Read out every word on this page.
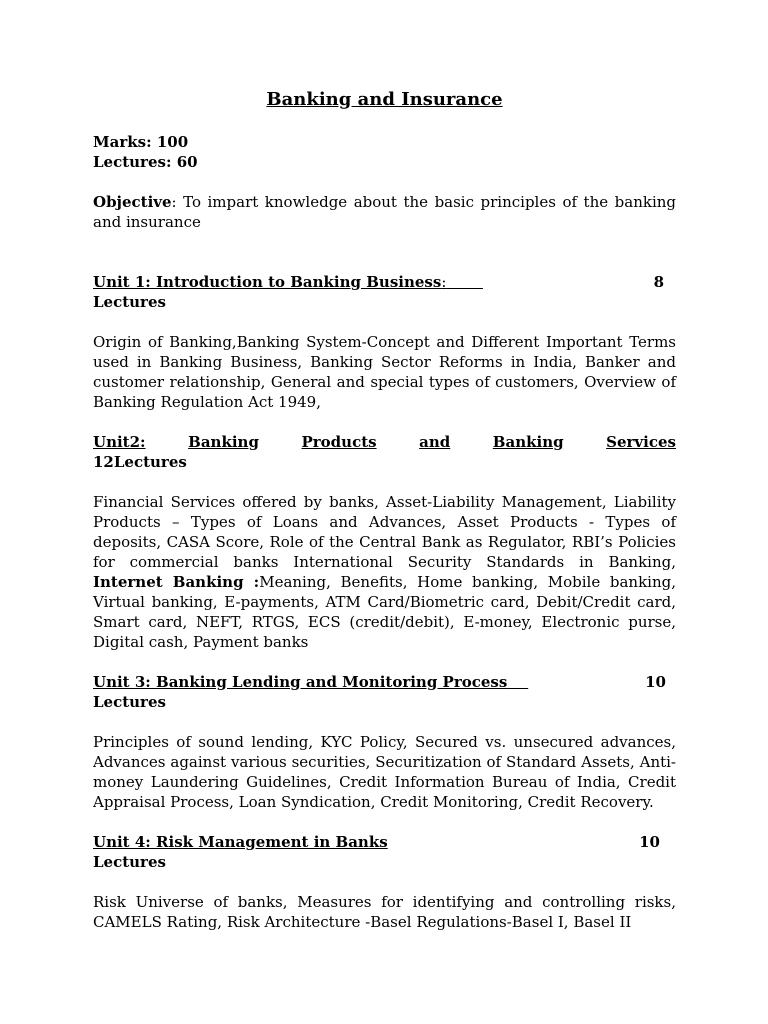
Banking and Insurance
Marks: 100
Lectures: 60
Objective: To impart knowledge about the basic principles of the banking and insurance
Unit 1: Introduction to Banking Business:	8
Lectures
Origin of Banking,Banking System-Concept and Different Important Terms used in Banking Business, Banking Sector Reforms in India, Banker and customer relationship, General and special types of customers, Overview of Banking Regulation Act 1949,
Unit2:	Banking	Products	and	Banking	Services
12Lectures
Financial Services offered by banks, Asset-Liability Management, Liability Products – Types of Loans and Advances, Asset Products - Types of deposits, CASA Score, Role of the Central Bank as Regulator, RBI’s Policies for commercial banks International Security Standards in Banking, Internet Banking :Meaning, Benefits, Home banking, Mobile banking, Virtual banking, E-payments, ATM Card/Biometric card, Debit/Credit card, Smart card, NEFT, RTGS, ECS (credit/debit), E-money, Electronic purse, Digital cash, Payment banks
Unit 3: Banking Lending and Monitoring Process	10
Lectures
Principles of sound lending, KYC Policy, Secured vs. unsecured advances, Advances against various securities, Securitization of Standard Assets, Anti-money Laundering Guidelines, Credit Information Bureau of India, Credit Appraisal Process, Loan Syndication, Credit Monitoring, Credit Recovery.
Unit 4: Risk Management in Banks	10
Lectures
Risk Universe of banks, Measures for identifying and controlling risks, CAMELS Rating, Risk Architecture -Basel Regulations-Basel I, Basel II
